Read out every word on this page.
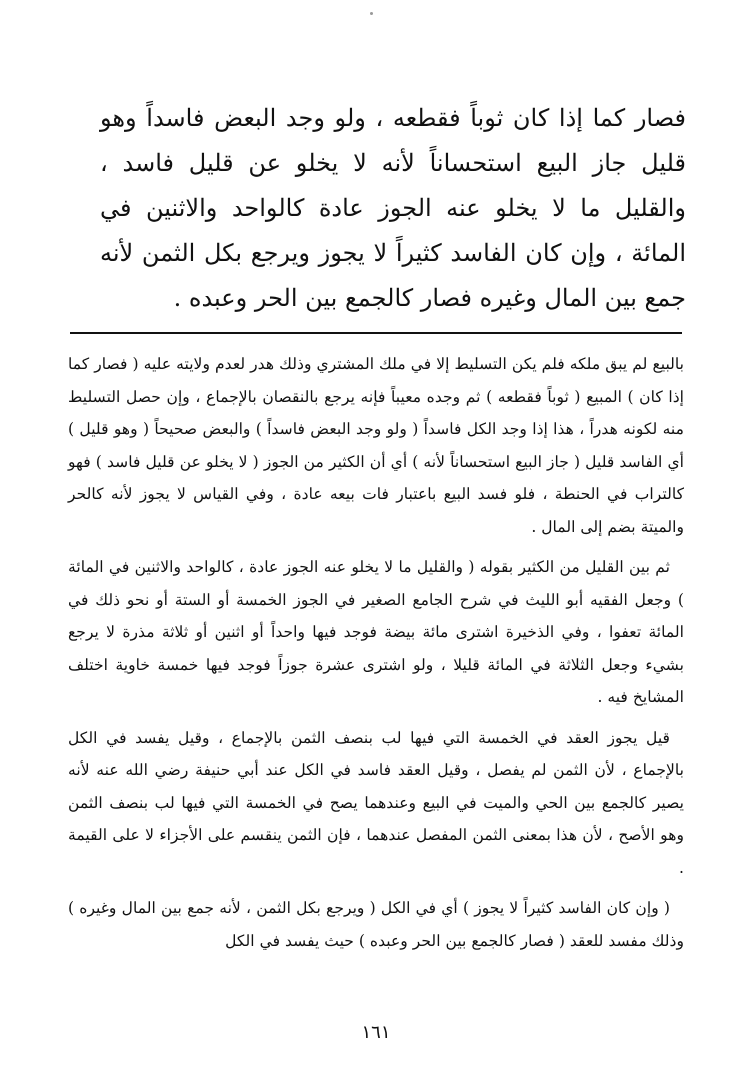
فصار كما إذا كان ثوباً فقطعه ، ولو وجد البعض فاسداً وهو قليل جاز البيع استحساناً لأنه لا يخلو عن قليل فاسد ، والقليل ما لا يخلو عنه الجوز عادة كالواحد والاثنين في المائة ، وإن كان الفاسد كثيراً لا يجوز ويرجع بكل الثمن لأنه جمع بين المال وغيره فصار كالجمع بين الحر وعبده .

بالبيع لم يبق ملكه فلم يكن التسليط إلا في ملك المشتري وذلك هدر لعدم ولايته عليه ( فصار كما إذا كان ) المبيع ( ثوباً فقطعه ) ثم وجده معيباً فإنه يرجع بالنقصان بالإجماع ، وإن حصل التسليط منه لكونه هدراً ، هذا إذا وجد الكل فاسداً ( ولو وجد البعض فاسداً ) والبعض صحيحاً ( وهو قليل ) أي الفاسد قليل ( جاز البيع استحساناً لأنه ) أي أن الكثير من الجوز ( لا يخلو عن قليل فاسد ) فهو كالتراب في الحنطة ، فلو فسد البيع باعتبار فات بيعه عادة ، وفي القياس لا يجوز لأنه كالحر والميتة بضم إلى المال .

ثم بين القليل من الكثير بقوله ( والقليل ما لا يخلو عنه الجوز عادة ، كالواحد والاثنين في المائة ) وجعل الفقيه أبو الليث في شرح الجامع الصغير في الجوز الخمسة أو الستة أو نحو ذلك في المائة تعفوا ، وفي الذخيرة اشترى مائة بيضة فوجد فيها واحداً أو اثنين أو ثلاثة مذرة لا يرجع بشيء وجعل الثلاثة في المائة قليلا ، ولو اشترى عشرة جوزاً فوجد فيها خمسة خاوية اختلف المشايخ فيه .

قيل يجوز العقد في الخمسة التي فيها لب بنصف الثمن بالإجماع ، وقيل يفسد في الكل بالإجماع ، لأن الثمن لم يفصل ، وقيل العقد فاسد في الكل عند أبي حنيفة رضي الله عنه لأنه يصير كالجمع بين الحي والميت في البيع وعندهما يصح في الخمسة التي فيها لب بنصف الثمن وهو الأصح ، لأن هذا بمعنى الثمن المفصل عندهما ، فإن الثمن ينقسم على الأجزاء لا على القيمة .

( وإن كان الفاسد كثيراً لا يجوز ) أي في الكل ( ويرجع بكل الثمن ، لأنه جمع بين المال وغيره ) وذلك مفسد للعقد ( فصار كالجمع بين الحر وعبده ) حيث يفسد في الكل

١٦١
